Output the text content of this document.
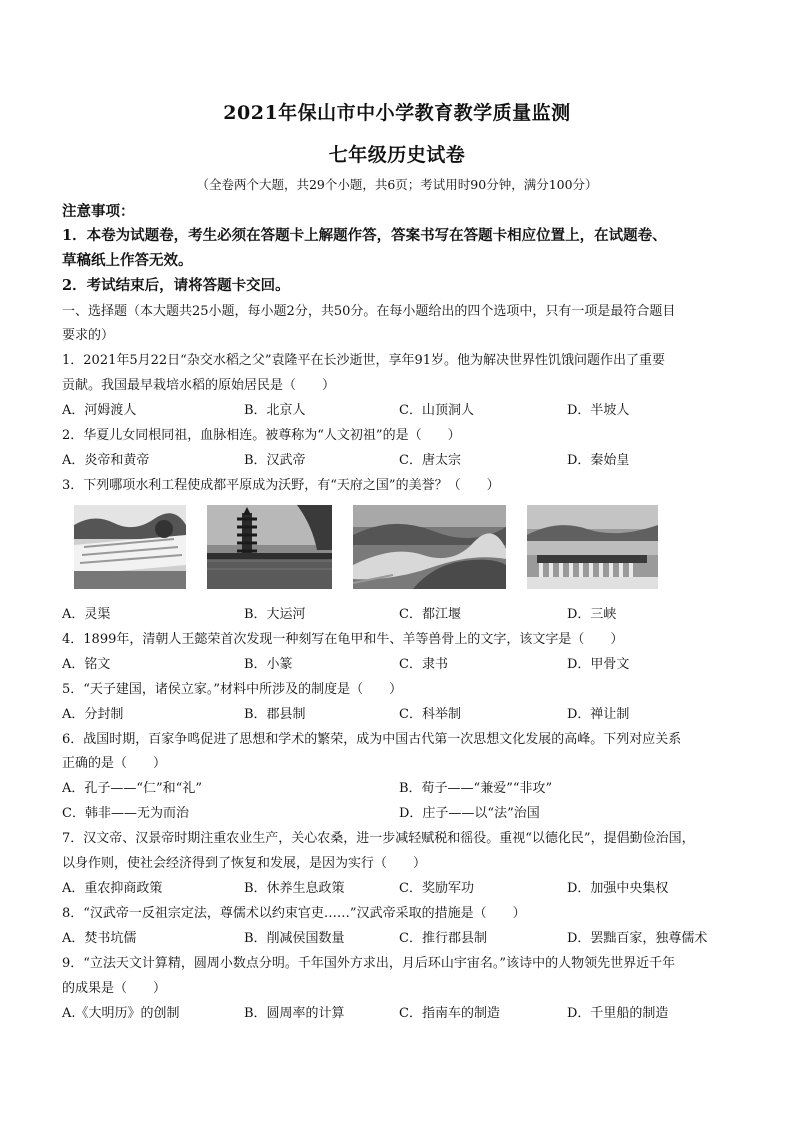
2021年保山市中小学教育教学质量监测
七年级历史试卷
（全卷两个大题，共29个小题，共6页；考试用时90分钟，满分100分）
注意事项：
1．本卷为试题卷，考生必须在答题卡上解题作答，答案书写在答题卡相应位置上，在试题卷、
草稿纸上作答无效。
2．考试结束后，请将答题卡交回。
一、选择题（本大题共25小题，每小题2分，共50分。在每小题给出的四个选项中，只有一项是最符合题目
要求的）
1．2021年5月22日“杂交水稻之父”袁隆平在长沙逝世，享年91岁。他为解决世界性饥饿问题作出了重要
贡献。我国最早栽培水稻的原始居民是（　　）
A．河姆渡人	B．北京人	C．山顶洞人	D．半坡人
2．华夏儿女同根同祖，血脉相连。被尊称为“人文初祖”的是（　　）
A．炎帝和黄帝	B．汉武帝	C．唐太宗	D．秦始皇
3．下列哪项水利工程使成都平原成为沃野，有“天府之国”的美誉？（　　）
A．灵渠	B．大运河	C．都江堰	D．三峡
4．1899年，清朝人王懿荣首次发现一种刻写在龟甲和牛、羊等兽骨上的文字，该文字是（　　）
A．铭文	B．小篆	C．隶书	D．甲骨文
5．“天子建国，诸侯立家。”材料中所涉及的制度是（　　）
A．分封制	B．郡县制	C．科举制	D．禅让制
6．战国时期，百家争鸣促进了思想和学术的繁荣，成为中国古代第一次思想文化发展的高峰。下列对应关系
正确的是（　　）
A．孔子——“仁”和“礼”	B．荀子——“兼爱”“非攻”
C．韩非——无为而治	D．庄子——以“法”治国
7．汉文帝、汉景帝时期注重农业生产，关心农桑，进一步减轻赋税和徭役。重视“以德化民”，提倡勤俭治国，
以身作则，使社会经济得到了恢复和发展，是因为实行（　　）
A．重农抑商政策	B．休养生息政策	C．奖励军功	D．加强中央集权
8．“汉武帝一反祖宗定法，尊儒术以约束官吏……”汉武帝采取的措施是（　　）
A．焚书坑儒	B．削减侯国数量	C．推行郡县制	D．罢黜百家，独尊儒术
9．“立法天文计算精，圆周小数点分明。千年国外方求出，月后环山宇宙名。”该诗中的人物领先世界近千年
的成果是（　　）
A.《大明历》的创制	B．圆周率的计算	C．指南车的制造	D．千里船的制造
